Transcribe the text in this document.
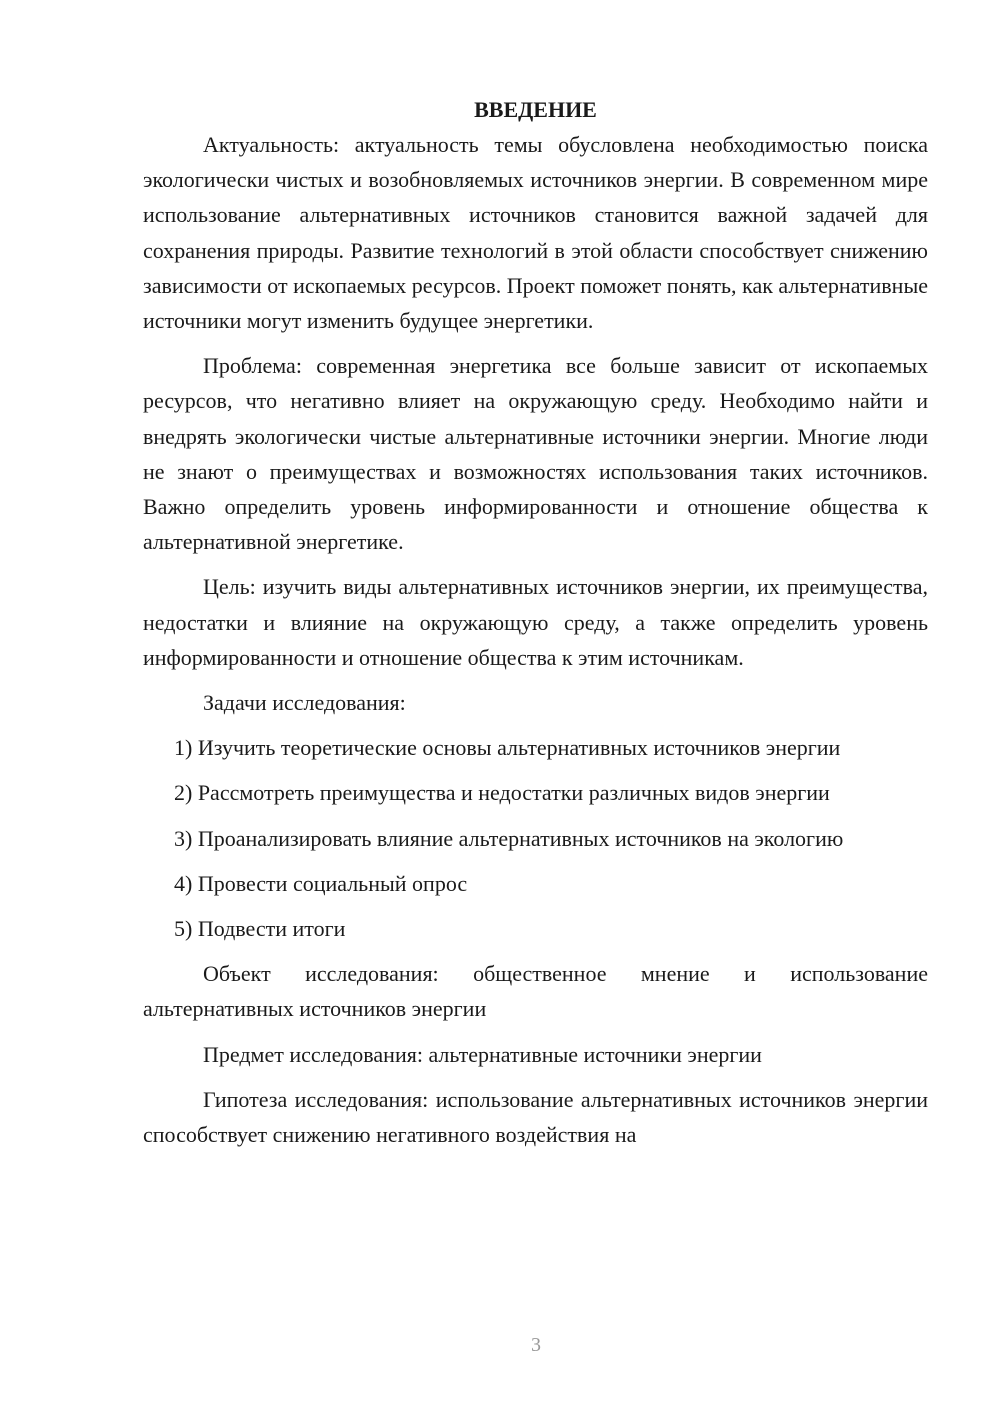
ВВЕДЕНИЕ

Актуальность: актуальность темы обусловлена необходимостью поиска экологически чистых и возобновляемых источников энергии. В современном мире использование альтернативных источников становится важной задачей для сохранения природы. Развитие технологий в этой области способствует снижению зависимости от ископаемых ресурсов. Проект поможет понять, как альтернативные источники могут изменить будущее энергетики.

Проблема: современная энергетика все больше зависит от ископаемых ресурсов, что негативно влияет на окружающую среду. Необходимо найти и внедрять экологически чистые альтернативные источники энергии. Многие люди не знают о преимуществах и возможностях использования таких источников. Важно определить уровень информированности и отношение общества к альтернативной энергетике.

Цель: изучить виды альтернативных источников энергии, их преимущества, недостатки и влияние на окружающую среду, а также определить уровень информированности и отношение общества к этим источникам.

Задачи исследования:

1) Изучить теоретические основы альтернативных источников энергии

2) Рассмотреть преимущества и недостатки различных видов энергии

3) Проанализировать влияние альтернативных источников на экологию

4) Провести социальный опрос

5) Подвести итоги

Объект исследования: общественное мнение и использование альтернативных источников энергии

Предмет исследования: альтернативные источники энергии

Гипотеза исследования: использование альтернативных источников энергии способствует снижению негативного воздействия на

3
